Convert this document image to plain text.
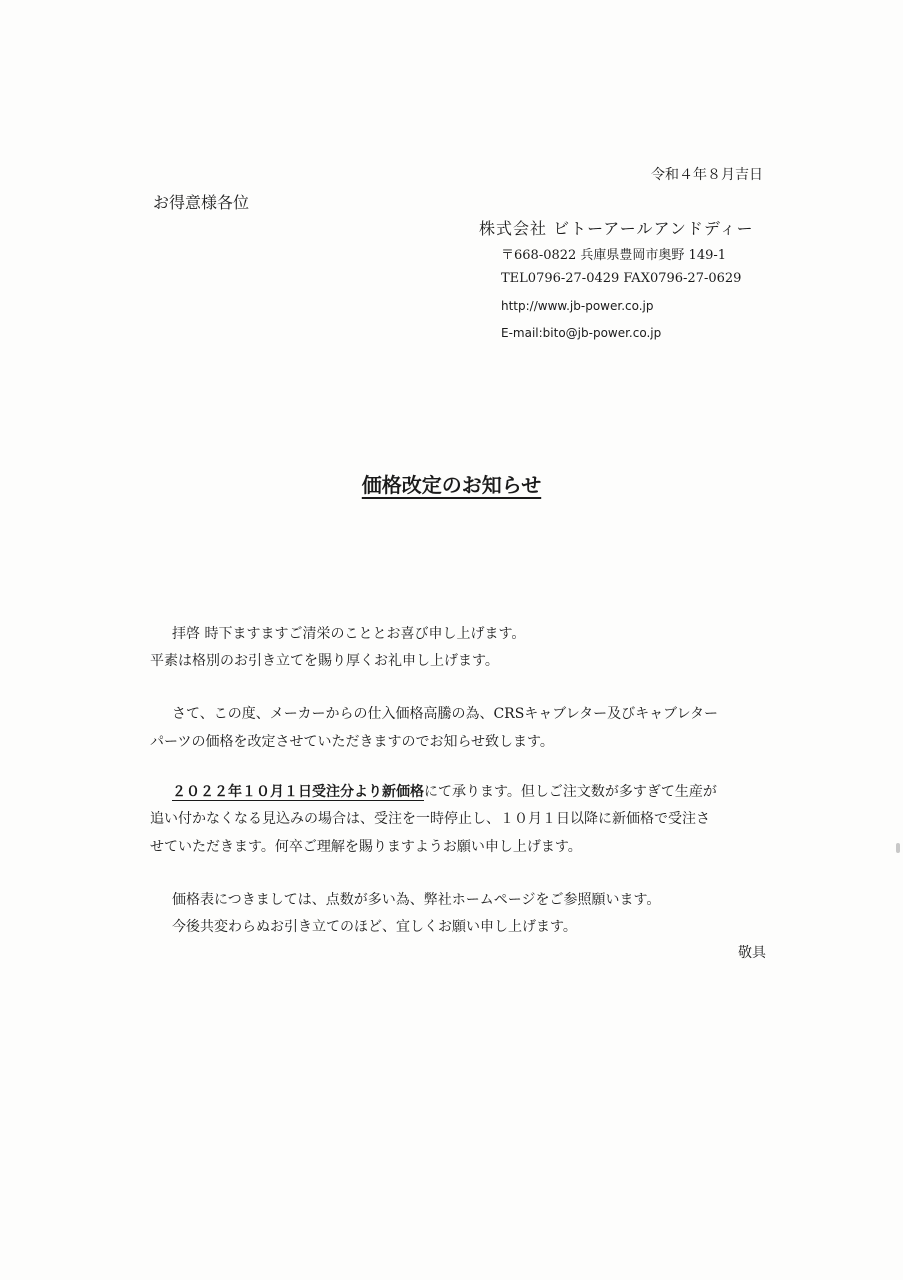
令和４年８月吉日
お得意様各位
株式会社 ビトーアールアンドディー
〒668-0822 兵庫県豊岡市奥野 149-1
TEL0796-27-0429 FAX0796-27-0629
http://www.jb-power.co.jp
E-mail:bito@jb-power.co.jp
価格改定のお知らせ
拝啓 時下ますますご清栄のこととお喜び申し上げます。
平素は格別のお引き立てを賜り厚くお礼申し上げます。
さて、この度、メーカーからの仕入価格高騰の為、CRSキャブレター及びキャブレター
パーツの価格を改定させていただきますのでお知らせ致します。
２０２２年１０月１日受注分より新価格にて承ります。但しご注文数が多すぎて生産が
追い付かなくなる見込みの場合は、受注を一時停止し、１０月１日以降に新価格で受注さ
せていただきます。何卒ご理解を賜りますようお願い申し上げます。
価格表につきましては、点数が多い為、弊社ホームページをご参照願います。
今後共変わらぬお引き立てのほど、宜しくお願い申し上げます。
敬具
